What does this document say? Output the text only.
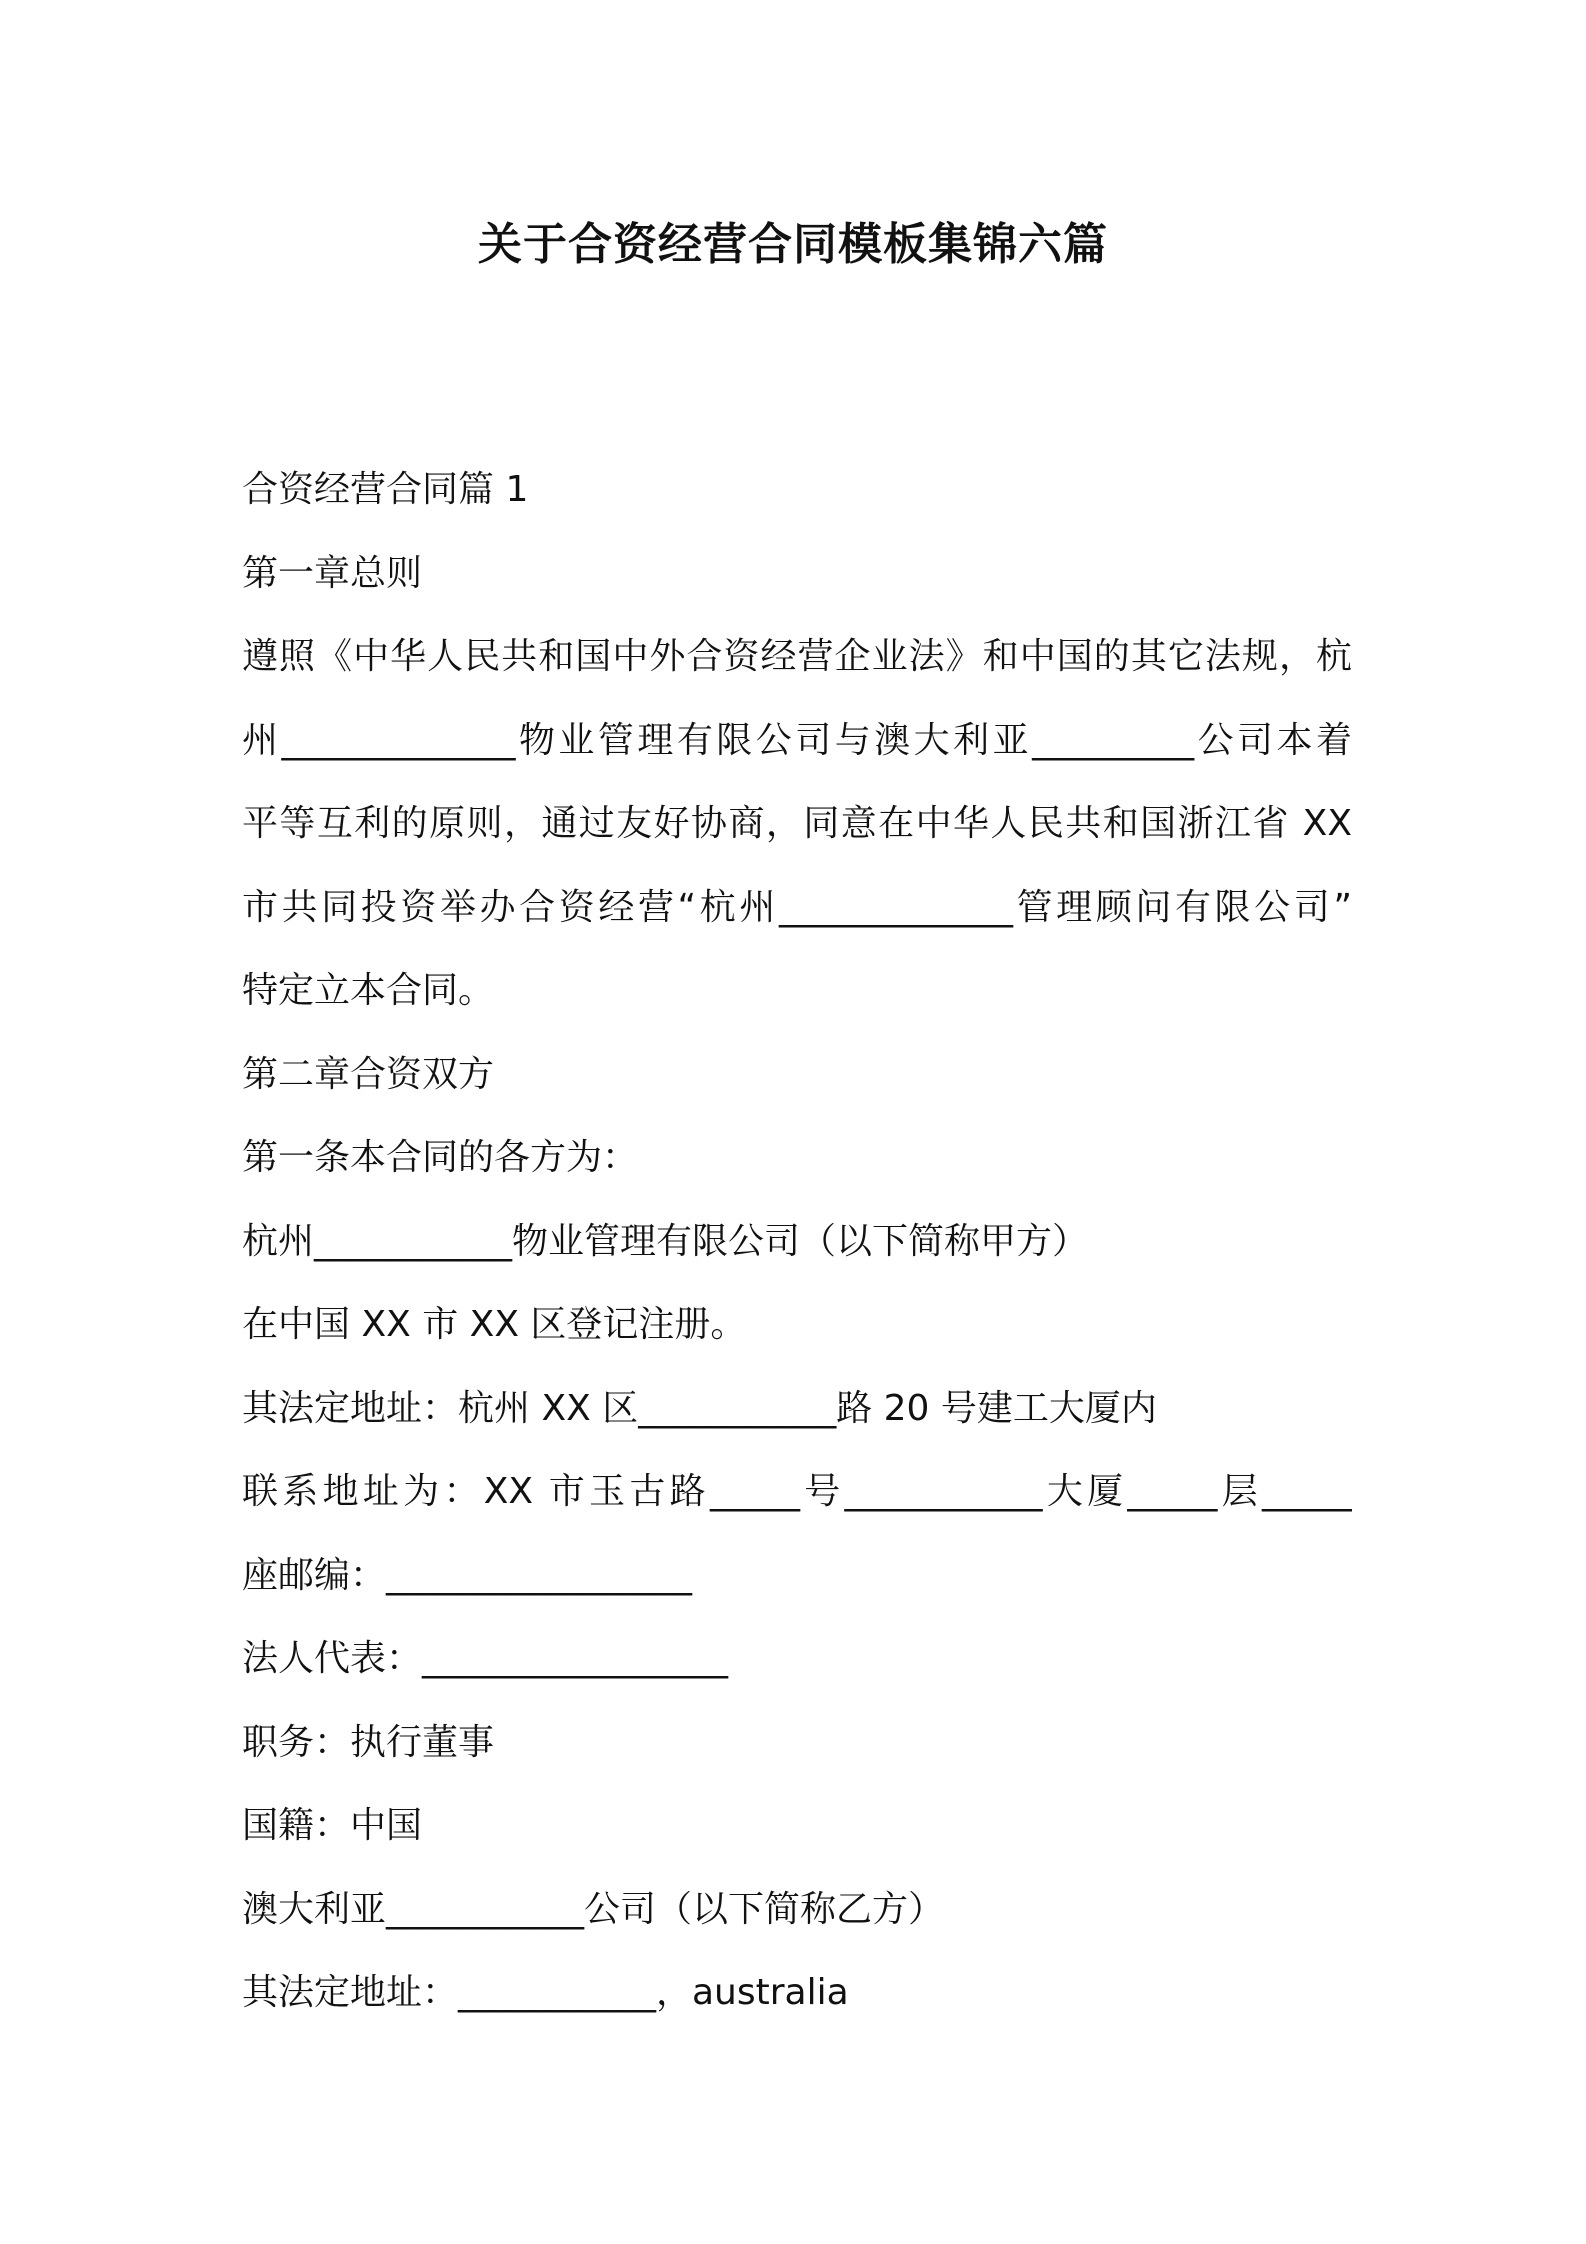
关于合资经营合同模板集锦六篇
合资经营合同篇 1
第一章总则
遵照《中华人民共和国中外合资经营企业法》和中国的其它法规，杭
州_____________物业管理有限公司与澳大利亚_________公司本着
平等互利的原则，通过友好协商，同意在中华人民共和国浙江省 XX
市共同投资举办合资经营“杭州_____________管理顾问有限公司”
特定立本合同。
第二章合资双方
第一条本合同的各方为：
杭州___________物业管理有限公司（以下简称甲方）
在中国 XX 市 XX 区登记注册。
其法定地址：杭州 XX 区___________路 20 号建工大厦内
联系地址为：XX 市玉古路_____号___________大厦_____层_____
座邮编：_________________
法人代表：_________________
职务：执行董事
国籍：中国
澳大利亚___________公司（以下简称乙方）
其法定地址：___________，australia
